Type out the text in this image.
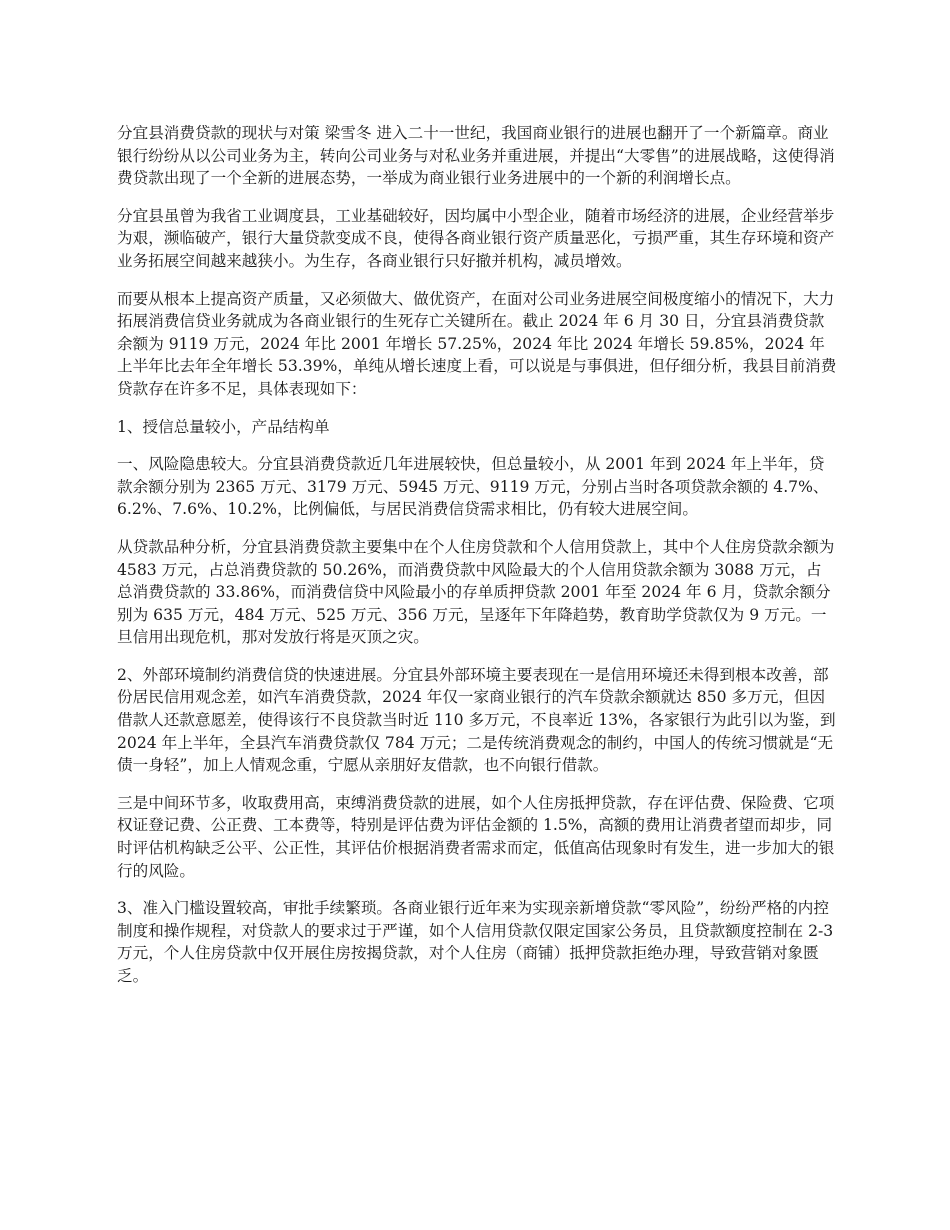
分宜县消费贷款的现状与对策 梁雪冬 进入二十一世纪，我国商业银行的进展也翻开了一个新篇章。商业银行纷纷从以公司业务为主，转向公司业务与对私业务并重进展，并提出“大零售”的进展战略，这使得消费贷款出现了一个全新的进展态势，一举成为商业银行业务进展中的一个新的利润增长点。

分宜县虽曾为我省工业调度县，工业基础较好，因均属中小型企业，随着市场经济的进展，企业经营举步为艰，濒临破产，银行大量贷款变成不良，使得各商业银行资产质量恶化，亏损严重，其生存环境和资产业务拓展空间越来越狭小。为生存，各商业银行只好撤并机构，减员增效。

而要从根本上提高资产质量，又必须做大、做优资产，在面对公司业务进展空间极度缩小的情况下，大力拓展消费信贷业务就成为各商业银行的生死存亡关键所在。截止 2024 年 6 月 30 日，分宜县消费贷款余额为 9119 万元，2024 年比 2001 年增长 57.25%，2024 年比 2024 年增长 59.85%，2024 年上半年比去年全年增长 53.39%，单纯从增长速度上看，可以说是与事俱进，但仔细分析，我县目前消费贷款存在许多不足，具体表现如下：

1、授信总量较小，产品结构单

一、风险隐患较大。分宜县消费贷款近几年进展较快，但总量较小，从 2001 年到 2024 年上半年，贷款余额分别为 2365 万元、3179 万元、5945 万元、9119 万元，分别占当时各项贷款余额的 4.7%、6.2%、7.6%、10.2%，比例偏低，与居民消费信贷需求相比，仍有较大进展空间。

从贷款品种分析，分宜县消费贷款主要集中在个人住房贷款和个人信用贷款上，其中个人住房贷款余额为 4583 万元，占总消费贷款的 50.26%，而消费贷款中风险最大的个人信用贷款余额为 3088 万元，占总消费贷款的 33.86%，而消费信贷中风险最小的存单质押贷款 2001 年至 2024 年 6 月，贷款余额分别为 635 万元，484 万元、525 万元、356 万元，呈逐年下年降趋势，教育助学贷款仅为 9 万元。一旦信用出现危机，那对发放行将是灭顶之灾。

2、外部环境制约消费信贷的快速进展。分宜县外部环境主要表现在一是信用环境还未得到根本改善，部份居民信用观念差，如汽车消费贷款，2024 年仅一家商业银行的汽车贷款余额就达 850 多万元，但因借款人还款意愿差，使得该行不良贷款当时近 110 多万元，不良率近 13%，各家银行为此引以为鉴，到 2024 年上半年，全县汽车消费贷款仅 784 万元；二是传统消费观念的制约，中国人的传统习惯就是“无债一身轻”，加上人情观念重，宁愿从亲朋好友借款，也不向银行借款。

三是中间环节多，收取费用高，束缚消费贷款的进展，如个人住房抵押贷款，存在评估费、保险费、它项权证登记费、公正费、工本费等，特别是评估费为评估金额的 1.5%，高额的费用让消费者望而却步，同时评估机构缺乏公平、公正性，其评估价根据消费者需求而定，低值高估现象时有发生，进一步加大的银行的风险。

3、准入门槛设置较高，审批手续繁琐。各商业银行近年来为实现亲新增贷款“零风险”，纷纷严格的内控制度和操作规程，对贷款人的要求过于严谨，如个人信用贷款仅限定国家公务员，且贷款额度控制在 2-3 万元，个人住房贷款中仅开展住房按揭贷款，对个人住房（商铺）抵押贷款拒绝办理，导致营销对象匮乏。
